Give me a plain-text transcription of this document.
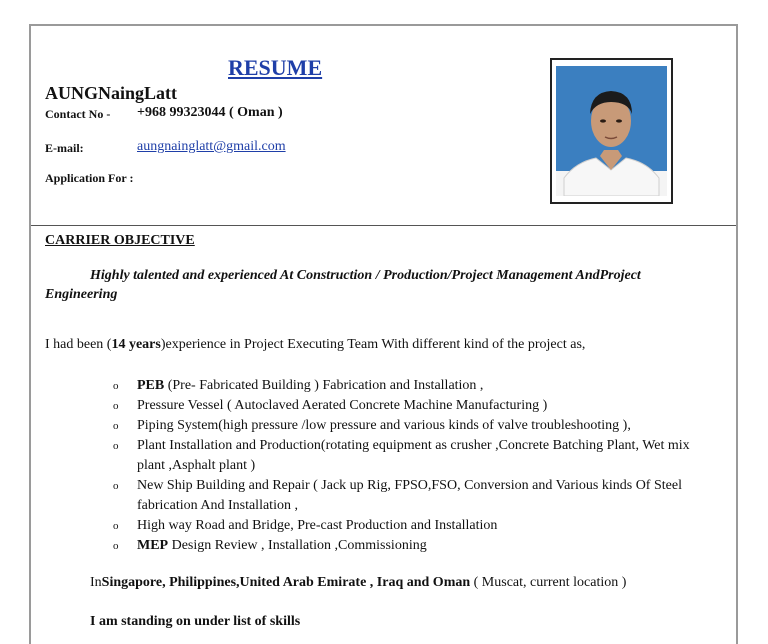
RESUME
AUNGNaingLatt
Contact No - +968 99323044 ( Oman )
E-mail:	aungnainglatt@gmail.com
Application For :
CARRIER OBJECTIVE
Highly talented and experienced At Construction / Production/Project Management AndProject Engineering
I had been (14 years)experience in Project Executing Team With different kind of the project as,
o PEB (Pre- Fabricated Building ) Fabrication and Installation ,
o Pressure Vessel ( Autoclaved Aerated Concrete Machine Manufacturing )
o Piping System(high pressure /low pressure and various kinds of valve troubleshooting ),
o Plant Installation and Production(rotating equipment as crusher ,Concrete Batching Plant, Wet mix plant ,Asphalt plant )
o New Ship Building and Repair ( Jack up Rig, FPSO,FSO, Conversion and Various kinds Of Steel fabrication And Installation ,
o High way Road and Bridge, Pre-cast Production and Installation
o MEP Design Review , Installation ,Commissioning
InSingapore, Philippines,United Arab Emirate , Iraq and Oman ( Muscat, current location )
I am standing on under list of skills
